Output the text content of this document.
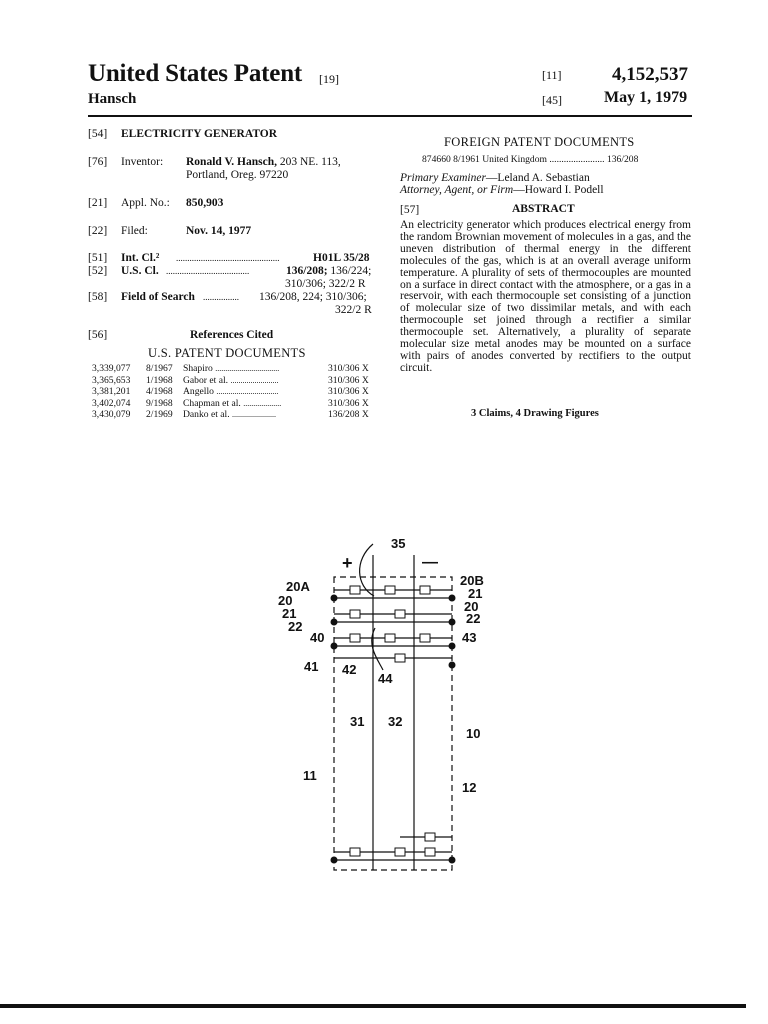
United States Patent [19]
Hansch
[11]
[45]
4,152,537
May 1, 1979
[54] ELECTRICITY GENERATOR
[76] Inventor: Ronald V. Hansch, 203 NE. 113,
Portland, Oreg. 97220
[21] Appl. No.: 850,903
[22] Filed:	Nov. 14, 1977
[51] Int. Cl.² ..............................................	H01L 35/28
[52] U.S. Cl. .....................................	136/208; 136/224;
310/306; 322/2 R
[58] Field of Search ................ 136/208, 224; 310/306;
322/2 R
[56]	References Cited
U.S. PATENT DOCUMENTS
3,339,077	8/1967	Shapiro ................................	310/306 X
3,365,653	1/1968	Gabor et al. ........................	310/306 X
3,381,201	4/1968	Angello ...............................	310/306 X
3,402,074	9/1968	Chapman et al. ...................	310/306 X
3,430,079	2/1969	Danko et al. ......................	136/208 X
FOREIGN PATENT DOCUMENTS
874660 8/1961 United Kingdom ....................... 136/208
Primary Examiner—Leland A. Sebastian
Attorney, Agent, or Firm—Howard I. Podell
[57]	ABSTRACT
An electricity generator which produces electrical energy from the random Brownian movement of molecules in a gas, and the uneven distribution of thermal energy in the different molecules of the gas, which is at an overall average uniform temperature. A plurality of sets of thermocouples are mounted on a surface in direct contact with the atmosphere, or a gas in a reservoir, with each thermocouple set consisting of a junction of molecular size of two dissimilar metals, and with each thermocouple set joined through a rectifier a similar thermocouple set. Alternatively, a plurality of separate molecular size metal anodes may be mounted on a surface with pairs of anodes converted by rectifiers to the output circuit.
3 Claims, 4 Drawing Figures
35
+	—
20A
20
21
22
40
41 42
44
20B
21
20
22
43
31 32
10
11
12
